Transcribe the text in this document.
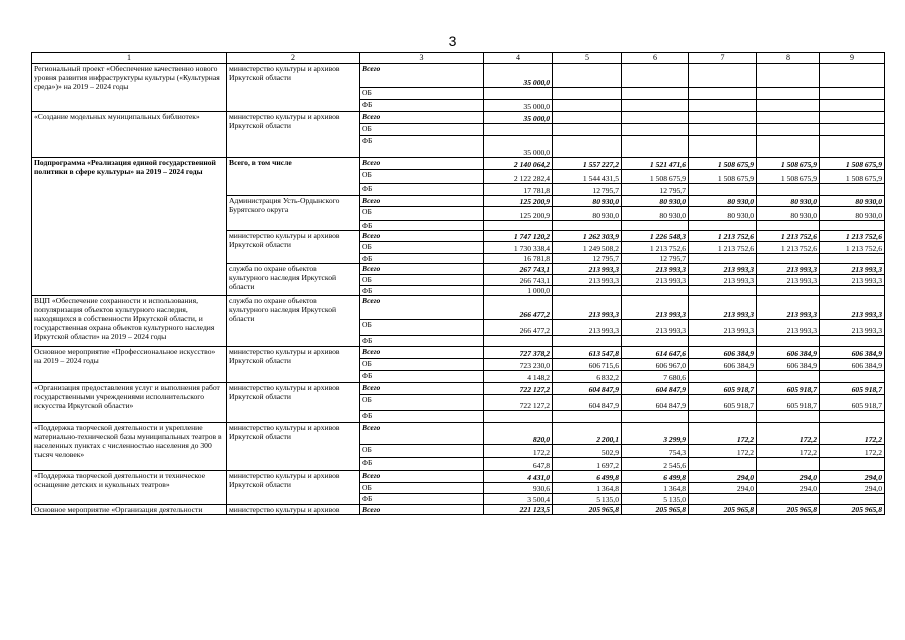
3
1	2	3	4	5	6	7	8	9
Региональный проект «Обеспечение качественно нового уровня развития инфраструктуры культуры («Культурная среда»)» на 2019 – 2024 годы	министерство культуры и архивов Иркутской области	Всего	35 000,0					
		ОБ						
		ФБ	35 000,0					
«Создание модельных муниципальных библиотек»	министерство культуры и архивов Иркутской области	Всего	35 000,0					
		ОБ						
		ФБ	35 000,0					
Подпрограмма «Реализация единой государственной политики в сфере культуры» на 2019 – 2024 годы	Всего, в том числе	Всего	2 140 064,2	1 557 227,2	1 521 471,6	1 508 675,9	1 508 675,9	1 508 675,9
		ОБ	2 122 282,4	1 544 431,5	1 508 675,9	1 508 675,9	1 508 675,9	1 508 675,9
		ФБ	17 781,8	12 795,7	12 795,7			
	Администрация Усть-Ордынского Бурятского округа	Всего	125 200,9	80 930,0	80 930,0	80 930,0	80 930,0	80 930,0
		ОБ	125 200,9	80 930,0	80 930,0	80 930,0	80 930,0	80 930,0
		ФБ						
	министерство культуры и архивов Иркутской области	Всего	1 747 120,2	1 262 303,9	1 226 548,3	1 213 752,6	1 213 752,6	1 213 752,6
		ОБ	1 730 338,4	1 249 508,2	1 213 752,6	1 213 752,6	1 213 752,6	1 213 752,6
		ФБ	16 781,8	12 795,7	12 795,7			
	служба по охране объектов культурного наследия Иркутской области	Всего	267 743,1	213 993,3	213 993,3	213 993,3	213 993,3	213 993,3
		ОБ	266 743,1	213 993,3	213 993,3	213 993,3	213 993,3	213 993,3
		ФБ	1 000,0					
ВЦП «Обеспечение сохранности и использования, популяризация объектов культурного наследия, находящихся в собственности Иркутской области, и государственная охрана объектов культурного наследия Иркутской области» на 2019 – 2024 годы	служба по охране объектов культурного наследия Иркутской области	Всего	266 477,2	213 993,3	213 993,3	213 993,3	213 993,3	213 993,3
		ОБ	266 477,2	213 993,3	213 993,3	213 993,3	213 993,3	213 993,3
		ФБ						
Основное мероприятие «Профессиональное искусство» на 2019 – 2024 годы	министерство культуры и архивов Иркутской области	Всего	727 378,2	613 547,8	614 647,6	606 384,9	606 384,9	606 384,9
		ОБ	723 230,0	606 715,6	606 967,0	606 384,9	606 384,9	606 384,9
		ФБ	4 148,2	6 832,2	7 680,6			
«Организация предоставления услуг и выполнения работ государственными учреждениями исполнительского искусства Иркутской области»	министерство культуры и архивов Иркутской области	Всего	722 127,2	604 847,9	604 847,9	605 918,7	605 918,7	605 918,7
		ОБ	722 127,2	604 847,9	604 847,9	605 918,7	605 918,7	605 918,7
		ФБ						
«Поддержка творческой деятельности и укрепление материально-технической базы муниципальных театров в населенных пунктах с численностью населения до 300 тысяч человек»	министерство культуры и архивов Иркутской области	Всего	820,0	2 200,1	3 299,9	172,2	172,2	172,2
		ОБ	172,2	502,9	754,3	172,2	172,2	172,2
		ФБ	647,8	1 697,2	2 545,6			
«Поддержка творческой деятельности и техническое оснащение детских и кукольных театров»	министерство культуры и архивов Иркутской области	Всего	4 431,0	6 499,8	6 499,8	294,0	294,0	294,0
		ОБ	930,6	1 364,8	1 364,8	294,0	294,0	294,0
		ФБ	3 500,4	5 135,0	5 135,0			
Основное мероприятие «Организация деятельности	министерство культуры и архивов	Всего	221 123,5	205 965,8	205 965,8	205 965,8	205 965,8	205 965,8
